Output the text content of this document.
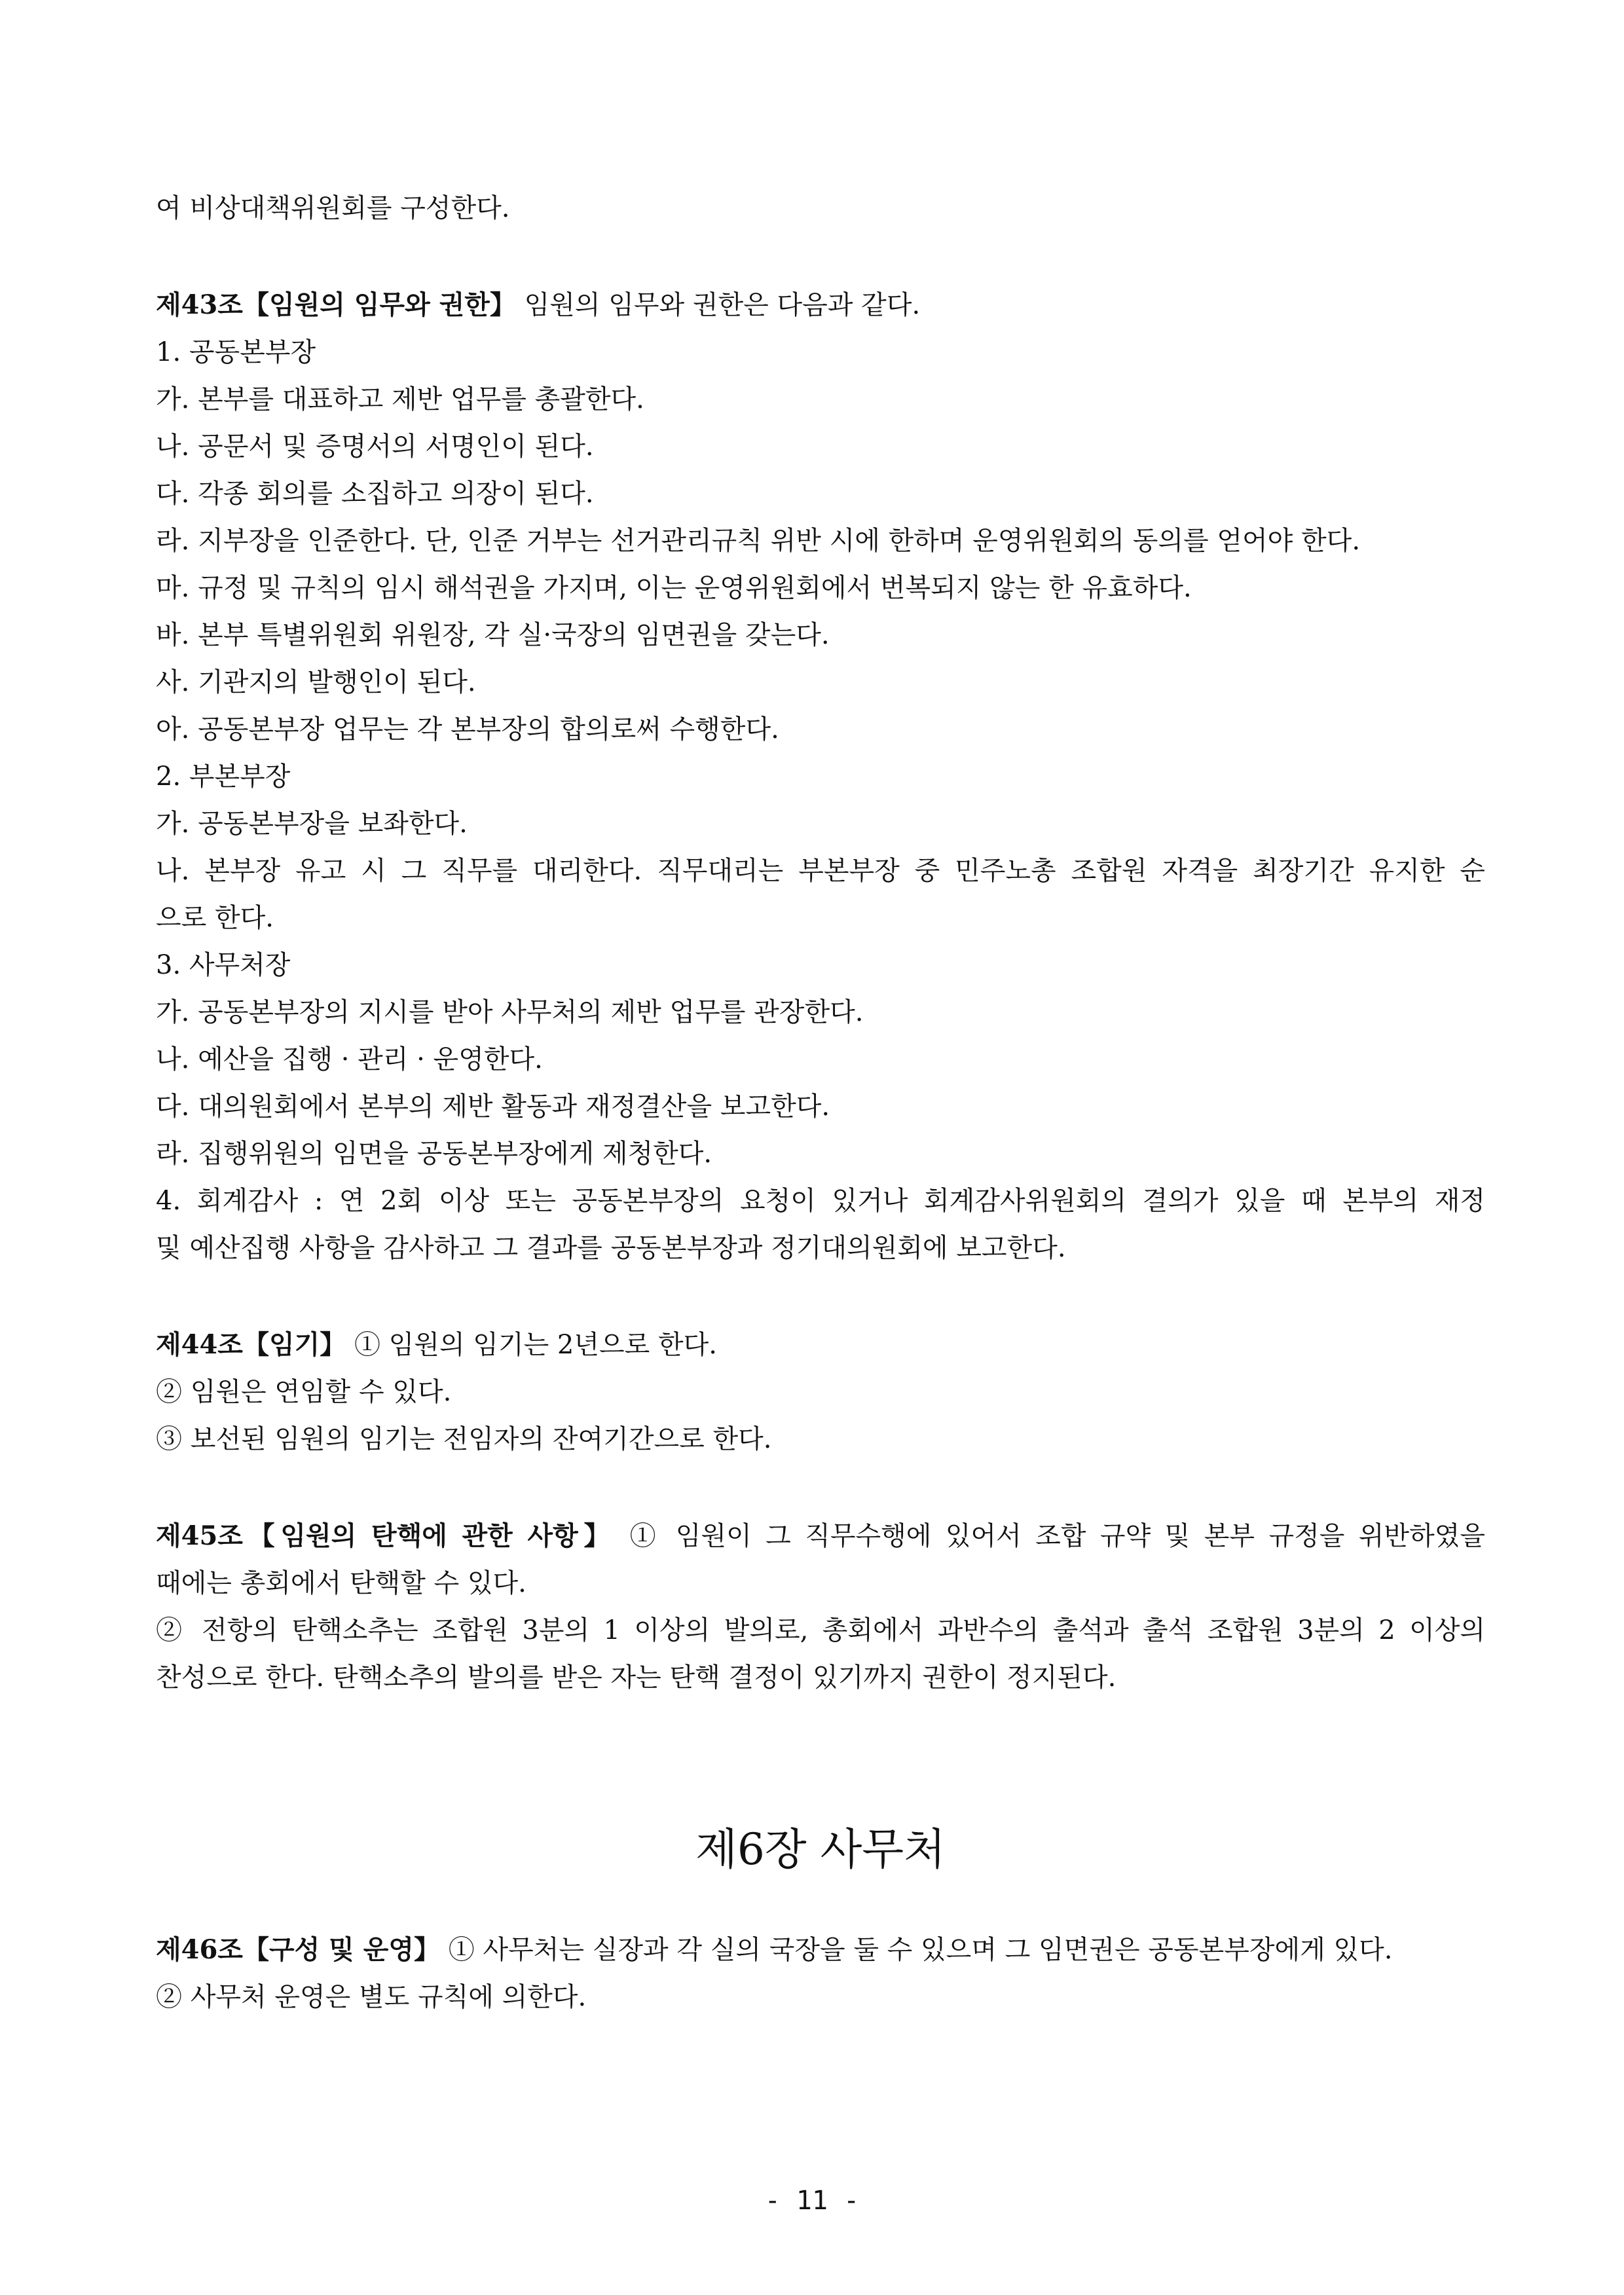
여 비상대책위원회를 구성한다.
제43조【임원의 임무와 권한】 임원의 임무와 권한은 다음과 같다.
1. 공동본부장
가. 본부를 대표하고 제반 업무를 총괄한다.
나. 공문서 및 증명서의 서명인이 된다.
다. 각종 회의를 소집하고 의장이 된다.
라. 지부장을 인준한다. 단, 인준 거부는 선거관리규칙 위반 시에 한하며 운영위원회의 동의를 얻어야 한다.
마. 규정 및 규칙의 임시 해석권을 가지며, 이는 운영위원회에서 번복되지 않는 한 유효하다.
바. 본부 특별위원회 위원장, 각 실·국장의 임면권을 갖는다.
사. 기관지의 발행인이 된다.
아. 공동본부장 업무는 각 본부장의 합의로써 수행한다.
2. 부본부장
가. 공동본부장을 보좌한다.
나. 본부장 유고 시 그 직무를 대리한다. 직무대리는 부본부장 중 민주노총 조합원 자격을 최장기간 유지한 순
으로 한다.
3. 사무처장
가. 공동본부장의 지시를 받아 사무처의 제반 업무를 관장한다.
나. 예산을 집행 · 관리 · 운영한다.
다. 대의원회에서 본부의 제반 활동과 재정결산을 보고한다.
라. 집행위원의 임면을 공동본부장에게 제청한다.
4. 회계감사 : 연 2회 이상 또는 공동본부장의 요청이 있거나 회계감사위원회의 결의가 있을 때 본부의 재정
및 예산집행 사항을 감사하고 그 결과를 공동본부장과 정기대의원회에 보고한다.
제44조【임기】 ① 임원의 임기는 2년으로 한다.
② 임원은 연임할 수 있다.
③ 보선된 임원의 임기는 전임자의 잔여기간으로 한다.
제45조【임원의 탄핵에 관한 사항】 ① 임원이 그 직무수행에 있어서 조합 규약 및 본부 규정을 위반하였을
때에는 총회에서 탄핵할 수 있다.
② 전항의 탄핵소추는 조합원 3분의 1 이상의 발의로, 총회에서 과반수의 출석과 출석 조합원 3분의 2 이상의
찬성으로 한다. 탄핵소추의 발의를 받은 자는 탄핵 결정이 있기까지 권한이 정지된다.
제6장 사무처
제46조【구성 및 운영】 ① 사무처는 실장과 각 실의 국장을 둘 수 있으며 그 임면권은 공동본부장에게 있다.
② 사무처 운영은 별도 규칙에 의한다.
- 11 -
